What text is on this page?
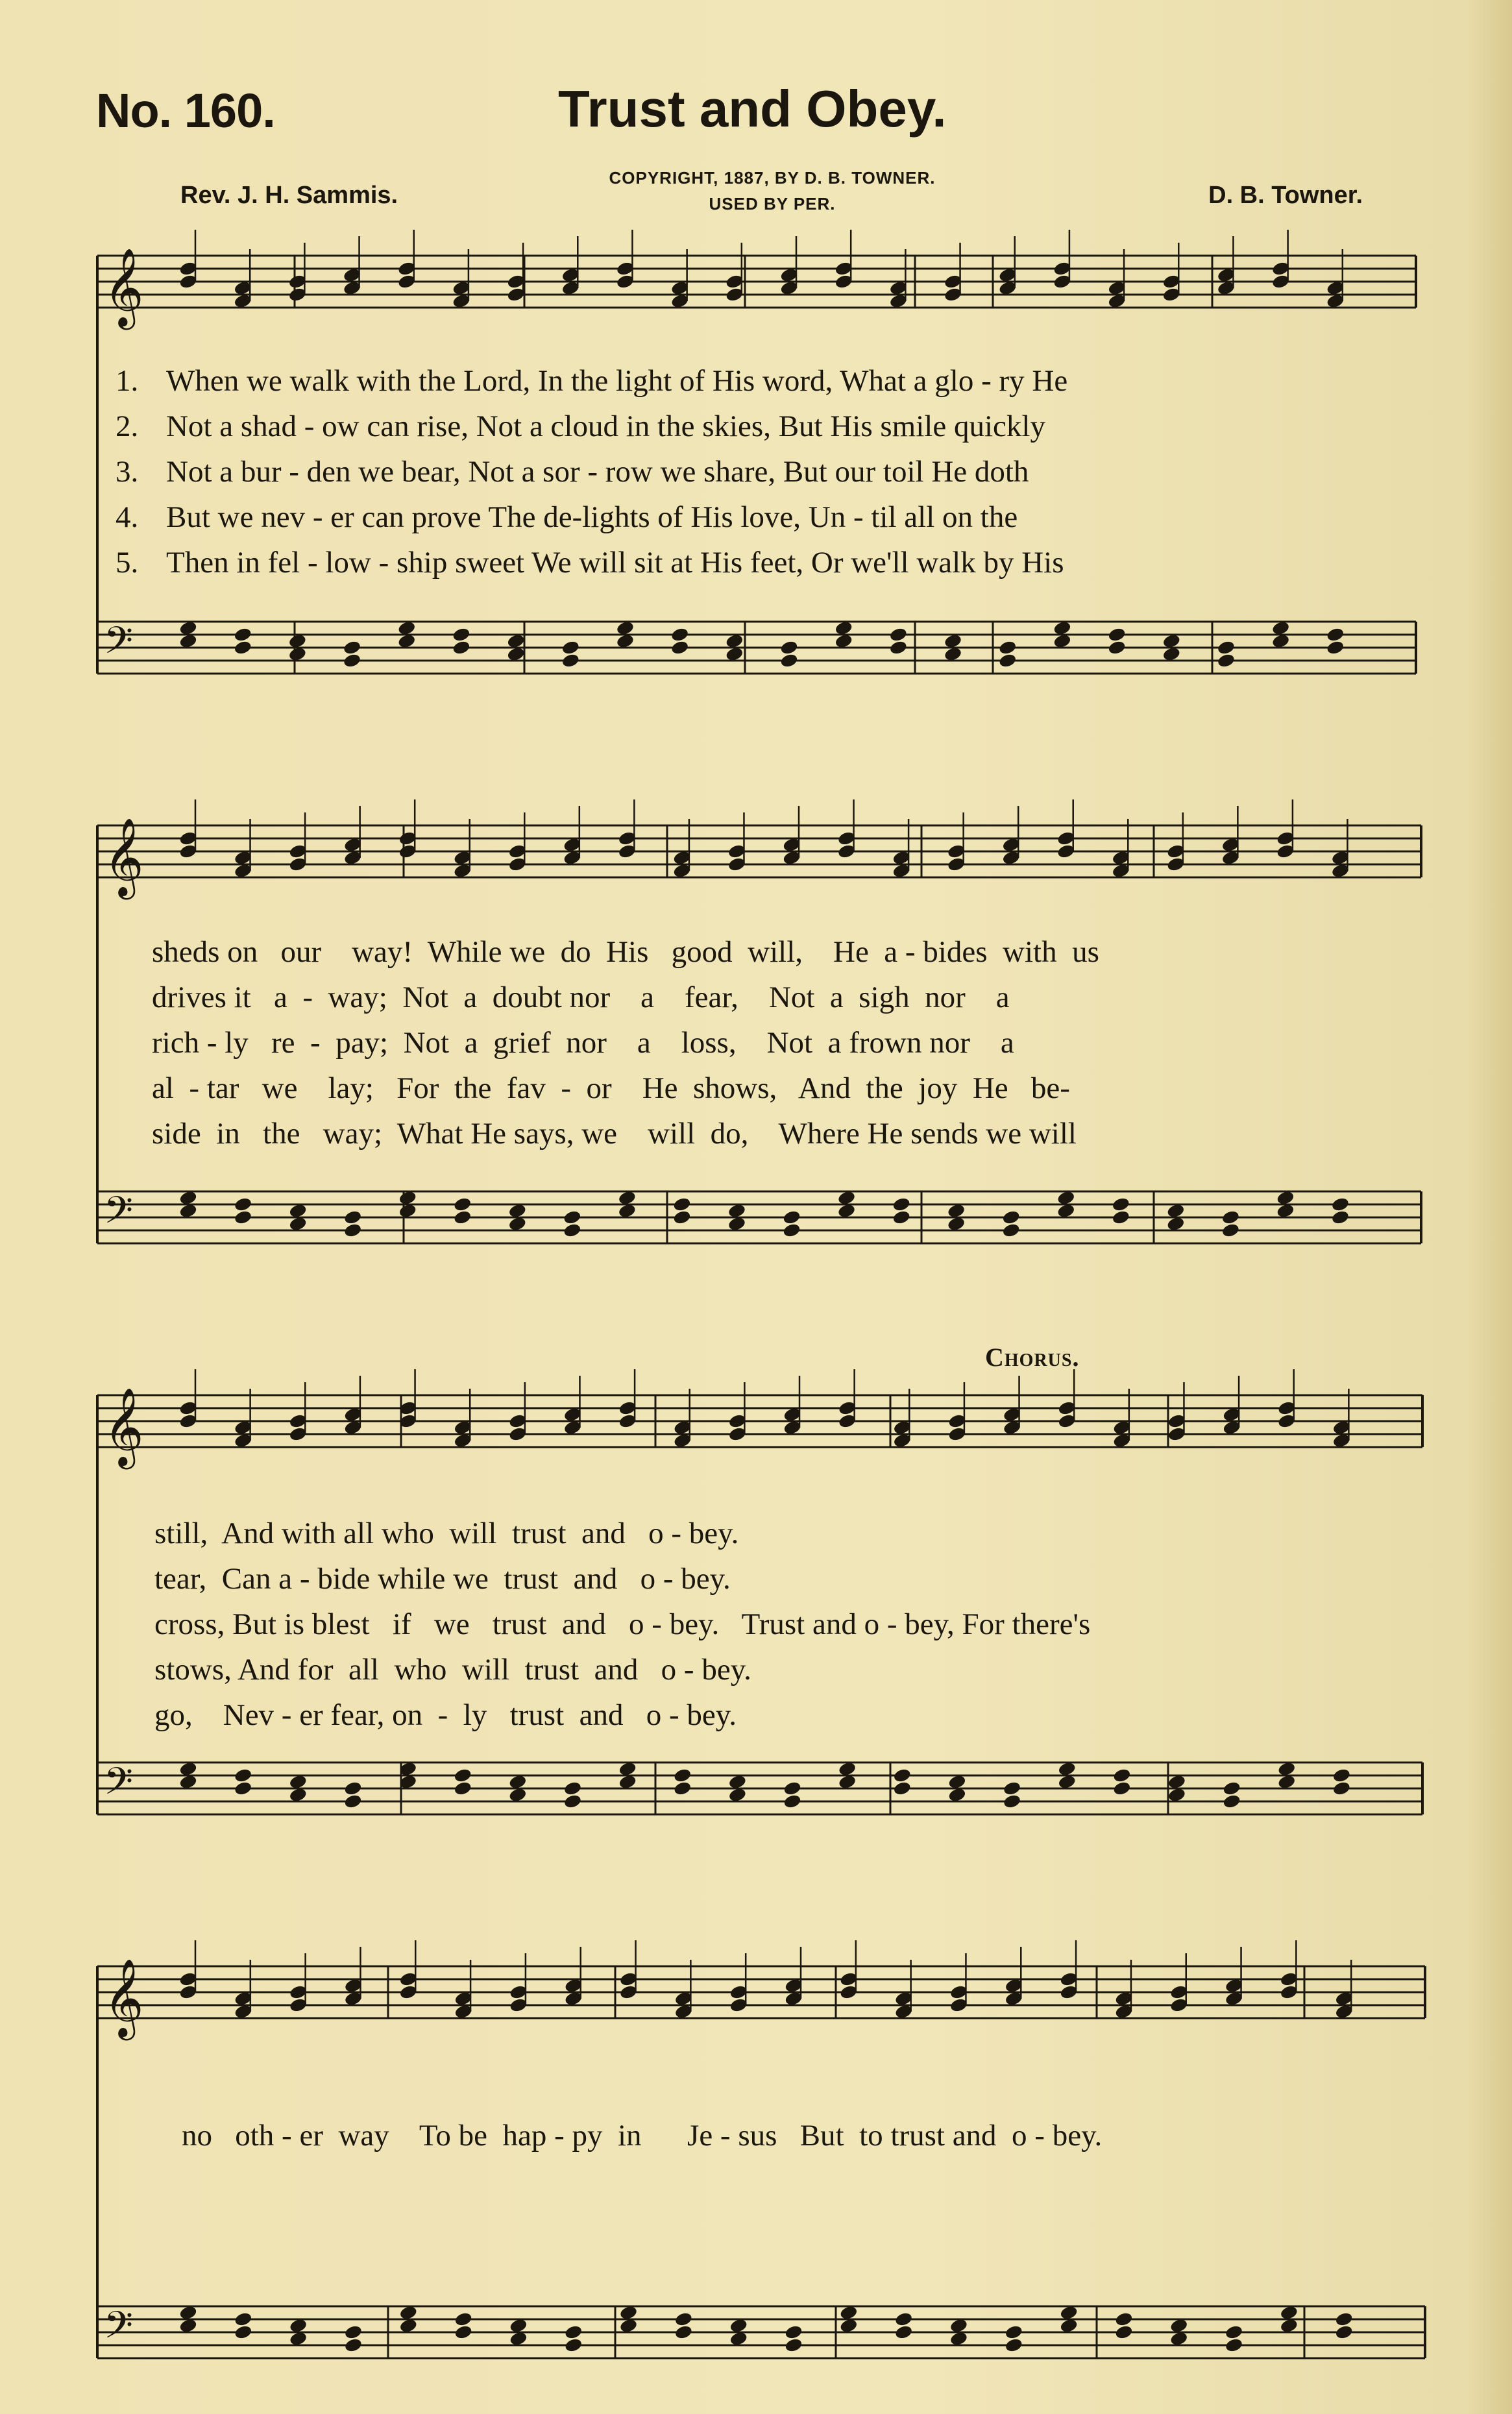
No. 160.	Trust and Obey.
COPYRIGHT, 1887, BY D. B. TOWNER.
USED BY PER.
Rev. J. H. Sammis.	D. B. Towner.
𝄞
𝄢
𝄞
𝄢
𝄞
𝄢
𝄞
𝄢
1. When we walk with the Lord, In the light of His word, What a glo - ry He
2. Not a shad - ow can rise, Not a cloud in the skies, But His smile quickly
3. Not a bur - den we bear, Not a sor - row we share, But our toil He doth
4. But we nev - er can prove The de-lights of His love, Un - til all on the
5. Then in fel - low - ship sweet We will sit at His feet, Or we'll walk by His
sheds on   our    way!  While we  do  His   good  will,    He  a - bides  with  us
drives it   a  -  way;  Not  a  doubt nor    a    fear,    Not  a  sigh  nor    a
rich - ly   re  -  pay;  Not  a  grief  nor    a    loss,    Not  a frown nor    a
al  - tar   we    lay;   For  the  fav  -  or    He  shows,   And  the  joy  He   be-
side  in   the   way;  What He says, we    will  do,    Where He sends we will
Chorus.
still,  And with all who  will  trust  and   o - bey.
tear,  Can a - bide while we  trust  and   o - bey.
cross, But is blest   if   we   trust  and   o - bey.   Trust and o - bey, For there's
stows, And for  all  who  will  trust  and   o - bey.
go,    Nev - er fear, on  -  ly   trust  and   o - bey.
no   oth - er  way    To be  hap - py  in      Je - sus   But  to trust and  o - bey.
